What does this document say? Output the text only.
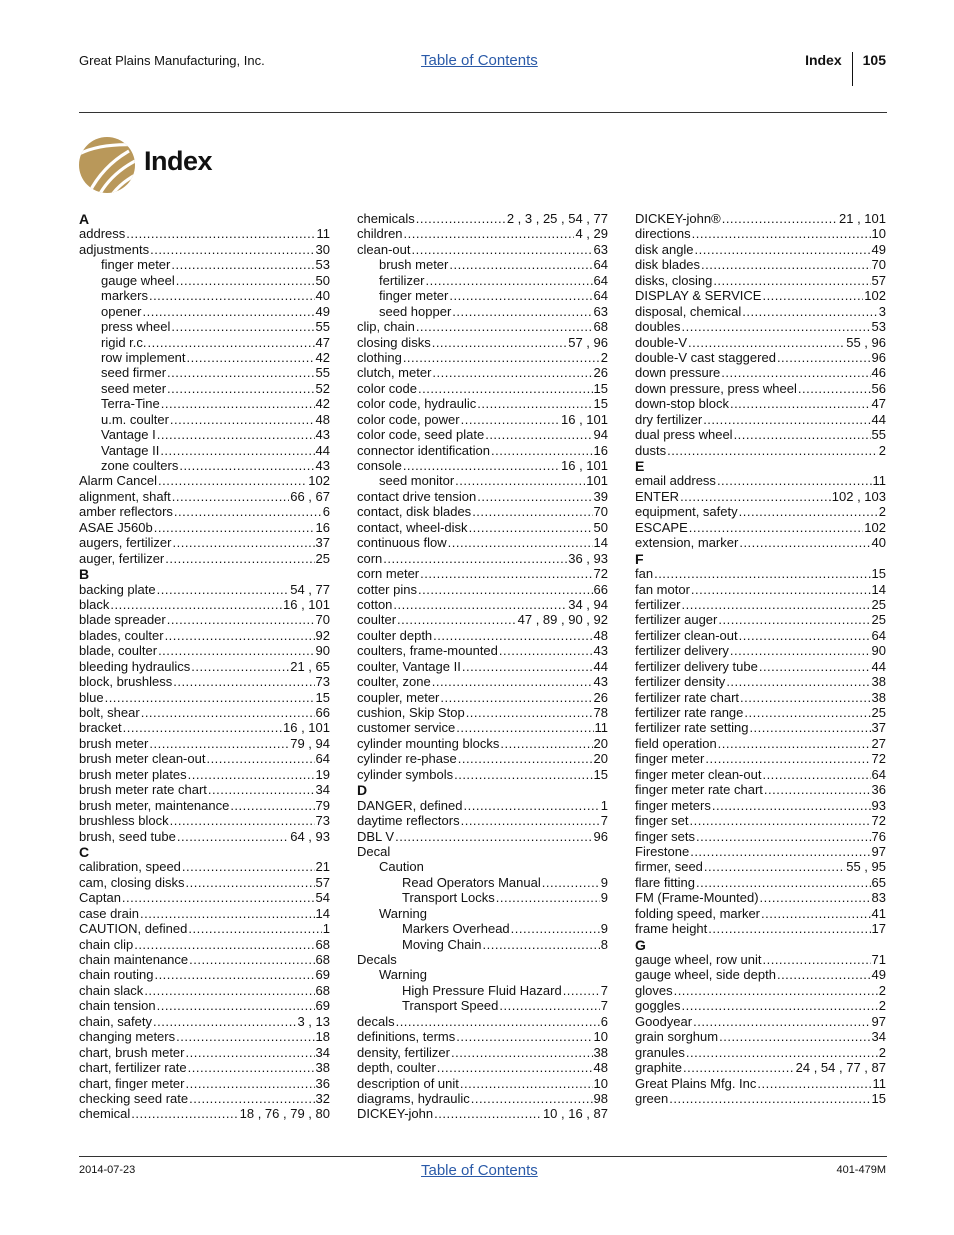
Great Plains Manufacturing, Inc.	Table of Contents	Index 105
Index
A
address .....	11
adjustments .....	30
finger meter .....	53
gauge wheel .....	50
markers .....	40
opener .....	49
press wheel .....	55
rigid r.c. .....	47
row implement .....	42
seed firmer .....	55
seed meter .....	52
Terra-Tine .....	42
u.m. coulter .....	48
Vantage I .....	43
Vantage II .....	44
zone coulters .....	43
Alarm Cancel .....	102
alignment, shaft .....	66 , 67
amber reflectors .....	6
ASAE J560b .....	16
augers, fertilizer .....	37
auger, fertilizer .....	25
B
backing plate .....	54 , 77
black .....	16 , 101
blade spreader .....	70
blades, coulter .....	92
blade, coulter .....	90
bleeding hydraulics .....	21 , 65
block, brushless .....	73
blue .....	15
bolt, shear .....	66
bracket .....	16 , 101
brush meter .....	79 , 94
brush meter clean-out .....	64
brush meter plates .....	19
brush meter rate chart .....	34
brush meter, maintenance .....	79
brushless block .....	73
brush, seed tube .....	64 , 93
C
calibration, speed .....	21
cam, closing disks .....	57
Captan .....	54
case drain .....	14
CAUTION, defined .....	1
chain clip .....	68
chain maintenance .....	68
chain routing .....	69
chain slack .....	68
chain tension .....	69
chain, safety .....	3 , 13
changing meters .....	18
chart, brush meter .....	34
chart, fertilizer rate .....	38
chart, finger meter .....	36
checking seed rate .....	32
chemical .....	18 , 76 , 79 , 80
chemicals .....	2 , 3 , 25 , 54 , 77
children .....	4 , 29
clean-out .....	63
brush meter .....	64
fertilizer .....	64
finger meter .....	64
seed hopper .....	63
clip, chain .....	68
closing disks .....	57 , 96
clothing .....	2
clutch, meter .....	26
color code .....	15
color code, hydraulic .....	15
color code, power .....	16 , 101
color code, seed plate .....	94
connector identification .....	16
console .....	16 , 101
seed monitor .....	101
contact drive tension .....	39
contact, disk blades .....	70
contact, wheel-disk .....	50
continuous flow .....	14
corn .....	36 , 93
corn meter .....	72
cotter pins .....	66
cotton .....	34 , 94
coulter .....	47 , 89 , 90 , 92
coulter depth .....	48
coulters, frame-mounted .....	43
coulter, Vantage II .....	44
coulter, zone .....	43
coupler, meter .....	26
cushion, Skip Stop .....	78
customer service .....	11
cylinder mounting blocks .....	20
cylinder re-phase .....	20
cylinder symbols .....	15
D
DANGER, defined .....	1
daytime reflectors .....	7
DBL V .....	96
Decal
Caution
Read Operators Manual .....	9
Transport Locks .....	9
Warning
Markers Overhead .....	9
Moving Chain .....	8
Decals
Warning
High Pressure Fluid Hazard .....	7
Transport Speed .....	7
decals .....	6
definitions, terms .....	10
density, fertilizer .....	38
depth, coulter .....	48
description of unit .....	10
diagrams, hydraulic .....	98
DICKEY-john .....	10 , 16 , 87
DICKEY-john® .....	21 , 101
directions .....	10
disk angle .....	49
disk blades .....	70
disks, closing .....	57
DISPLAY & SERVICE .....	102
disposal, chemical .....	3
doubles .....	53
double-V .....	55 , 96
double-V cast staggered .....	96
down pressure .....	46
down pressure, press wheel .....	56
down-stop block .....	47
dry fertilizer .....	44
dual press wheel .....	55
dusts .....	2
E
email address .....	11
ENTER .....	102 , 103
equipment, safety .....	2
ESCAPE .....	102
extension, marker .....	40
F
fan .....	15
fan motor .....	14
fertilizer .....	25
fertilizer auger .....	25
fertilizer clean-out .....	64
fertilizer delivery .....	90
fertilizer delivery tube .....	44
fertilizer density .....	38
fertilizer rate chart .....	38
fertilizer rate range .....	25
fertilizer rate setting .....	37
field operation .....	27
finger meter .....	72
finger meter clean-out .....	64
finger meter rate chart .....	36
finger meters .....	93
finger set .....	72
finger sets .....	76
Firestone .....	97
firmer, seed .....	55 , 95
flare fitting .....	65
FM (Frame-Mounted) .....	83
folding speed, marker .....	41
frame height .....	17
G
gauge wheel, row unit .....	71
gauge wheel, side depth .....	49
gloves .....	2
goggles .....	2
Goodyear .....	97
grain sorghum .....	34
granules .....	2
graphite .....	24 , 54 , 77 , 87
Great Plains Mfg. Inc .....	11
green .....	15
2014-07-23	Table of Contents	401-479M
